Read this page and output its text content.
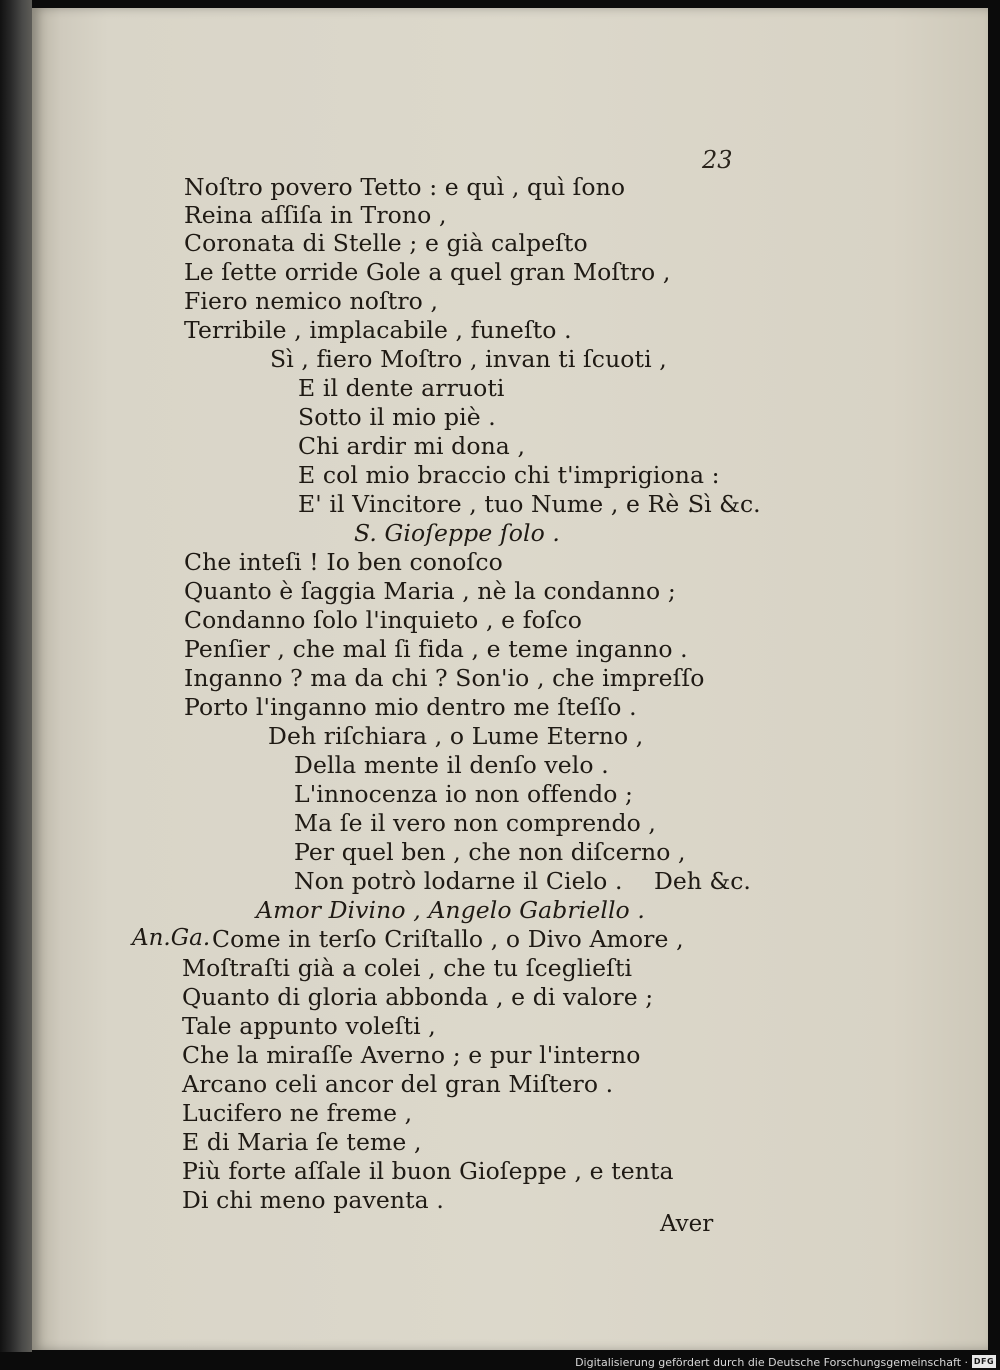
23
Noſtro povero Tetto : e quì , quì ſono
Reina aſſiſa in Trono ,
Coronata di Stelle ; e già calpeſto
Le ſette orride Gole a quel gran Moſtro ,
Fiero nemico noſtro ,
Terribile , implacabile , funeſto .
Sì , fiero Moſtro , invan ti ſcuoti ,
E il dente arruoti
Sotto il mio piè .
Chi ardir mi dona ,
E col mio braccio chi t'imprigiona :
E' il Vincitore , tuo Nume , e Rè .
Sì &c.
S. Gioſeppe ſolo .
Che inteſi ! Io ben conoſco
Quanto è ſaggia Maria , nè la condanno ;
Condanno ſolo l'inquieto , e foſco
Penſier , che mal ſi fida , e teme inganno .
Inganno ? ma da chi ? Son'io , che impreſſo
Porto l'inganno mio dentro me ſteſſo .
Deh riſchiara , o Lume Eterno ,
Della mente il denſo velo .
L'innocenza io non offendo ;
Ma ſe il vero non comprendo ,
Per quel ben , che non diſcerno ,
Non potrò lodarne il Cielo . Deh &c.
Amor Divino , Angelo Gabriello .
An.Ga. Come in terſo Criſtallo , o Divo Amore ,
Moſtraſti già a colei , che tu ſceglieſti
Quanto di gloria abbonda , e di valore ;
Tale appunto voleſti ,
Che la miraſſe Averno ; e pur l'interno
Arcano celi ancor del gran Miſtero .
Lucifero ne freme ,
E di Maria ſe teme ,
Più forte aſſale il buon Gioſeppe , e tenta
Di chi meno paventa .
Aver
Digitalisierung gefördert durch die Deutsche Forschungsgemeinschaft · DFG
